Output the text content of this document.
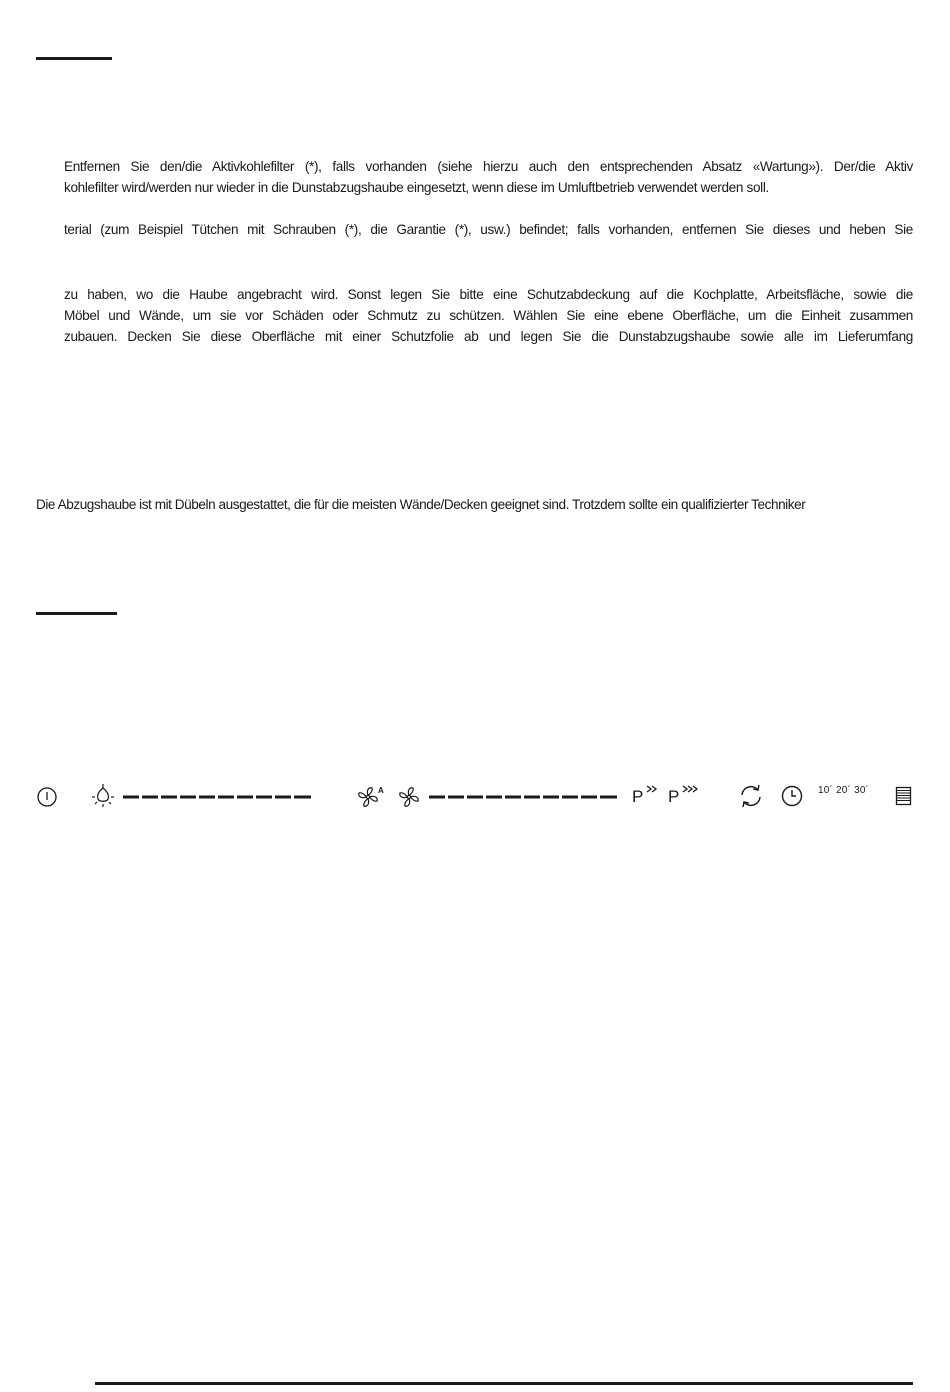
Entfernen Sie den/die Aktivkohlefilter (*), falls vorhanden (siehe hierzu auch den entsprechenden Absatz «Wartung»). Der/die Aktiv
kohlefilter wird/werden nur wieder in die Dunstabzugshaube eingesetzt, wenn diese im Umluftbetrieb verwendet werden soll.
terial (zum Beispiel Tütchen mit Schrauben (*), die Garantie (*), usw.) befindet; falls vorhanden, entfernen Sie dieses und heben Sie
zu haben, wo die Haube angebracht wird. Sonst legen Sie bitte eine Schutzabdeckung auf die Kochplatte, Arbeitsfläche, sowie die
Möbel und Wände, um sie vor Schäden oder Schmutz zu schützen. Wählen Sie eine ebene Oberfläche, um die Einheit zusammen
zubauen. Decken Sie diese Oberfläche mit einer Schutzfolie ab und legen Sie die Dunstabzugshaube sowie alle im Lieferumfang
Die Abzugshaube ist mit Dübeln ausgestattet, die für die meisten Wände/Decken geeignet sind. Trotzdem sollte ein qualifizierter Techniker
A	P P	10´ 20´ 30´
